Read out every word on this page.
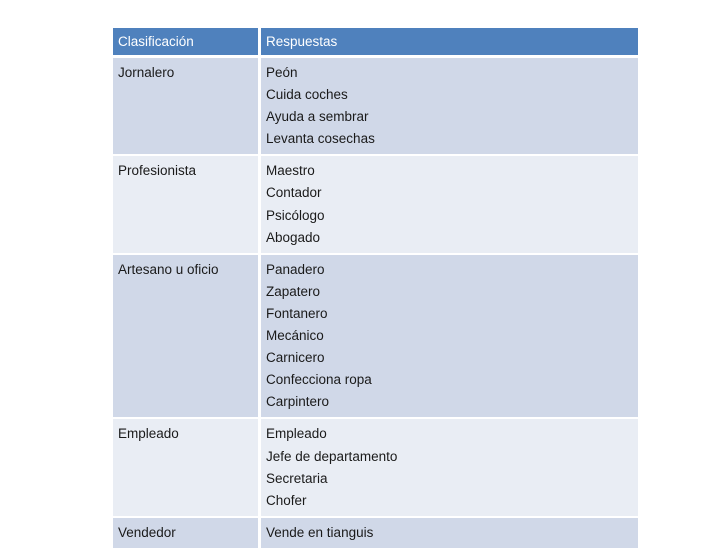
Clasificación	Respuestas
Jornalero	Peón
Cuida coches
Ayuda a sembrar
Levanta cosechas
Profesionista	Maestro
Contador
Psicólogo
Abogado
Artesano u oficio	Panadero
Zapatero
Fontanero
Mecánico
Carnicero
Confecciona ropa
Carpintero
Empleado	Empleado
Jefe de departamento
Secretaria
Chofer
Vendedor	Vende en tianguis
